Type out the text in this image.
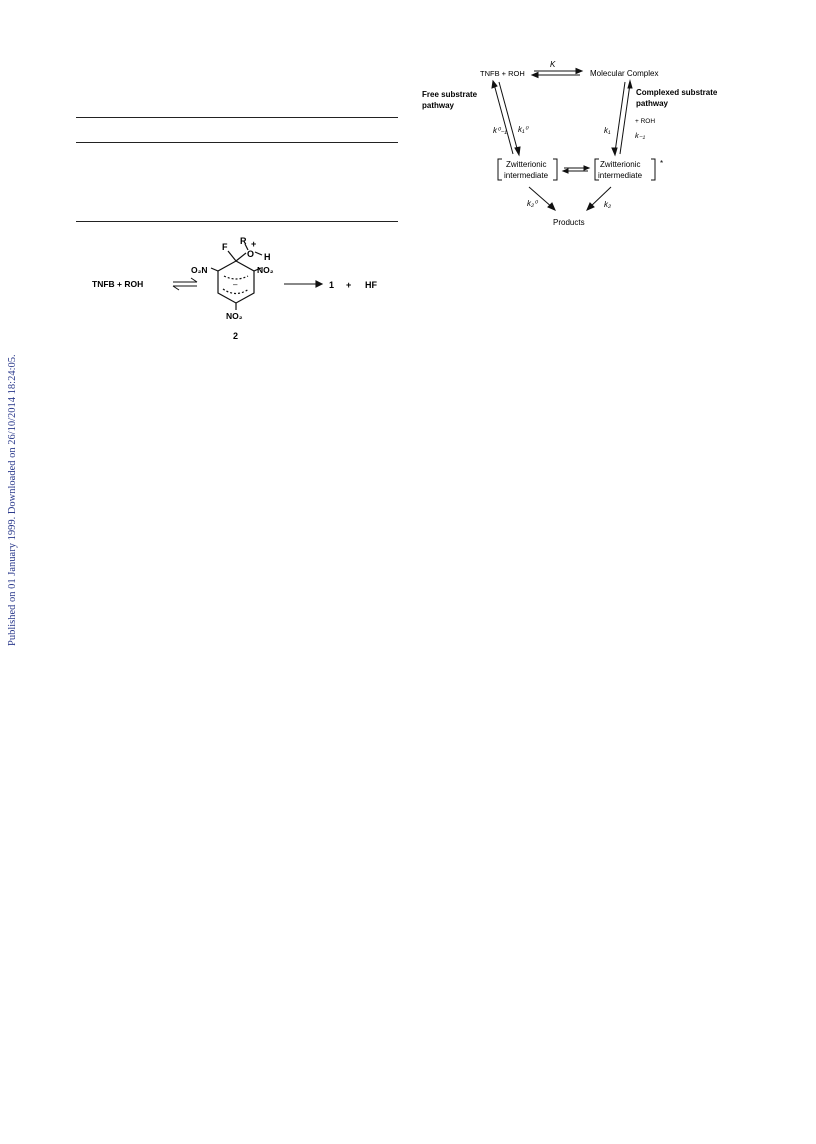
TNFB + ROH	–
F
R
O
+
H
O₂N	NO₂
NO₂
1 + HF
2
TNFB + ROH
K
Molecular Complex
Free substrate
pathway
Complexed substrate
pathway
k⁰₋₁ k₁⁰	k₁
+ ROH
k₋₁
Zwitterionic
intermediate
Zwitterionic
intermediate
*
k₂⁰	k₂
Products
Published on 01 January 1999. Downloaded on 26/10/2014 18:24:05.
